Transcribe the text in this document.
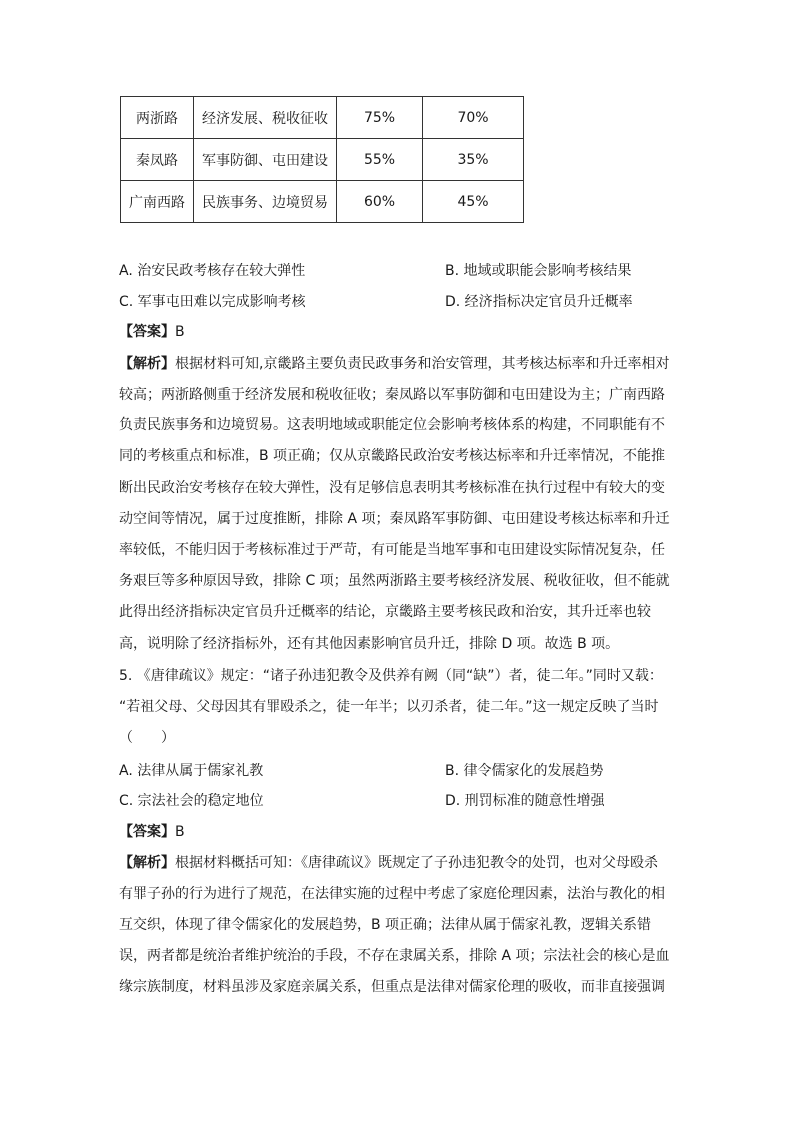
两浙路	经济发展、税收征收	75%	70%
秦凤路	军事防御、屯田建设	55%	35%
广南西路	民族事务、边境贸易	60%	45%
A. 治安民政考核存在较大弹性	B. 地域或职能会影响考核结果
C. 军事屯田难以完成影响考核	D. 经济指标决定官员升迁概率
【答案】B
【解析】根据材料可知,京畿路主要负责民政事务和治安管理，其考核达标率和升迁率相对
较高；两浙路侧重于经济发展和税收征收；秦凤路以军事防御和屯田建设为主；广南西路
负责民族事务和边境贸易。这表明地域或职能定位会影响考核体系的构建，不同职能有不
同的考核重点和标准，B 项正确；仅从京畿路民政治安考核达标率和升迁率情况，不能推
断出民政治安考核存在较大弹性，没有足够信息表明其考核标准在执行过程中有较大的变
动空间等情况，属于过度推断，排除 A 项；秦凤路军事防御、屯田建设考核达标率和升迁
率较低，不能归因于考核标准过于严苛，有可能是当地军事和屯田建设实际情况复杂，任
务艰巨等多种原因导致，排除 C 项；虽然两浙路主要考核经济发展、税收征收，但不能就
此得出经济指标决定官员升迁概率的结论，京畿路主要考核民政和治安，其升迁率也较
高，说明除了经济指标外，还有其他因素影响官员升迁，排除 D 项。故选 B 项。
5. 《唐律疏议》规定：“诸子孙违犯教令及供养有阙（同“缺”）者，徒二年。”同时又载：
“若祖父母、父母因其有罪殴杀之，徒一年半；以刃杀者，徒二年。”这一规定反映了当时
（　　）
A. 法律从属于儒家礼教	B. 律令儒家化的发展趋势
C. 宗法社会的稳定地位	D. 刑罚标准的随意性增强
【答案】B
【解析】根据材料概括可知：《唐律疏议》既规定了子孙违犯教令的处罚，也对父母殴杀
有罪子孙的行为进行了规范，在法律实施的过程中考虑了家庭伦理因素，法治与教化的相
互交织，体现了律令儒家化的发展趋势，B 项正确；法律从属于儒家礼教，逻辑关系错
误，两者都是统治者维护统治的手段，不存在隶属关系，排除 A 项；宗法社会的核心是血
缘宗族制度，材料虽涉及家庭亲属关系，但重点是法律对儒家伦理的吸收，而非直接强调
